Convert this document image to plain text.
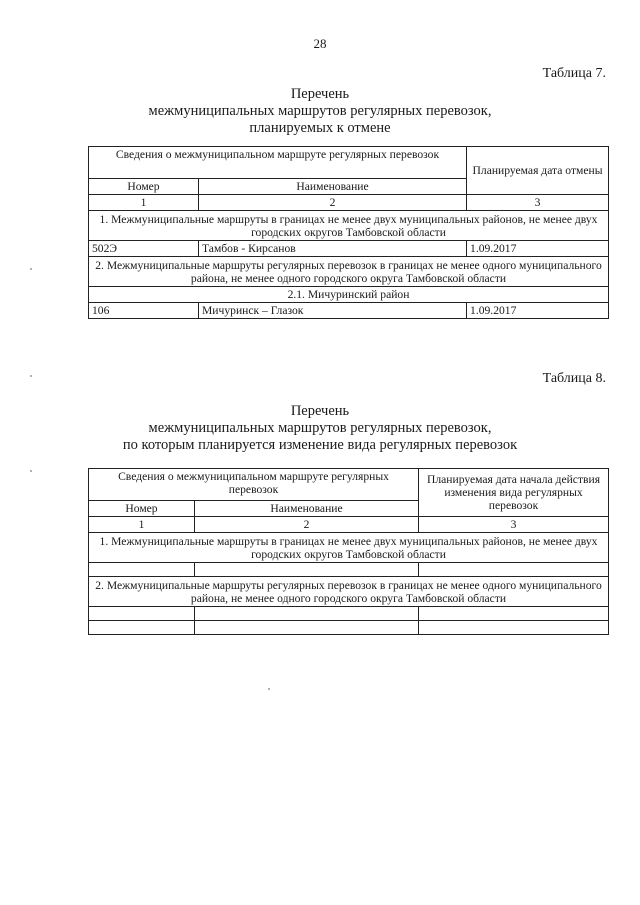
28
Таблица 7.
Перечень
межмуниципальных маршрутов регулярных перевозок,
планируемых к отмене
Сведения о межмуниципальном маршруте регулярных перевозок		Планируемая дата отмены
Номер	Наименование	
1	2	3
1. Межмуниципальные маршруты в границах не менее двух муниципальных районов, не менее двух городских округов Тамбовской области		
502Э	Тамбов - Кирсанов	1.09.2017
2. Межмуниципальные маршруты регулярных перевозок в границах не менее одного муниципального района, не менее одного городского округа Тамбовской области		
2.1. Мичуринский район		
106	Мичуринск – Глазок	1.09.2017
Таблица 8.
Перечень
межмуниципальных маршрутов регулярных перевозок,
по которым планируется изменение вида регулярных перевозок
Сведения о межмуниципальном маршруте регулярных перевозок		Планируемая дата начала действия изменения вида регулярных перевозок
Номер	Наименование	
1	2	3
1. Межмуниципальные маршруты в границах не менее двух муниципальных районов, не менее двух городских округов Тамбовской области		

2. Межмуниципальные маршруты регулярных перевозок в границах не менее одного муниципального района, не менее одного городского округа Тамбовской области		
